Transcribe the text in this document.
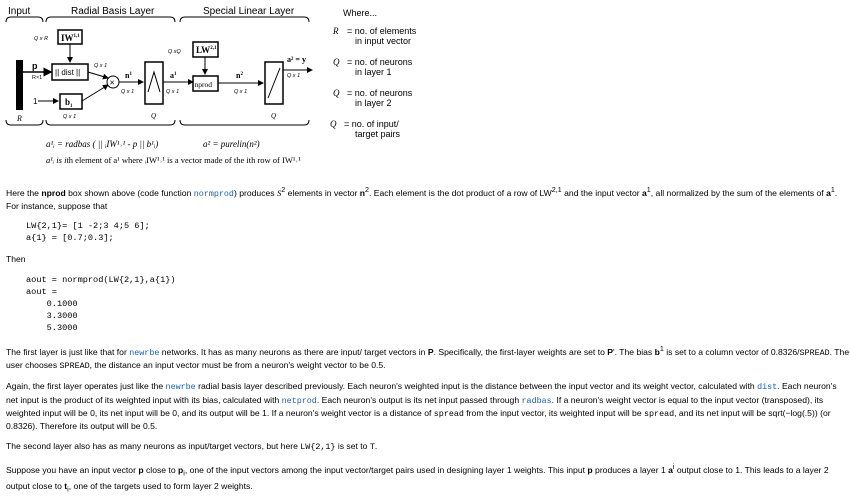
Input	Radial Basis Layer	Special Linear Layer
R
p
R×1
Q x R IW$^{1,1}$
|| dist ||
Q x 1
1	$b_1$
Q x 1
×
$n^1$
Q x 1
Q
$a^1$
Q x 1
Q xQ LW$^{2,1}$
nprod
$n^2$
Q x 1
Q
a² = y
Q x 1
Where...
R = no. of elements
in input vector
Q = no. of neurons
in layer 1
Q = no. of neurons
in layer 2
Q = no. of input/
target pairs
a¹ᵢ = radbas ( || ᵢIW¹˒¹ - p || b¹ᵢ)	a² = purelin(n²)
a¹ᵢ is ith element of a¹ where ᵢIW¹˒¹ is a vector made of the ith row of IW¹˒¹

Here the nprod box shown above (code function normprod) produces $S^2$ elements in vector $n^2$. Each element is the dot product of a row of LW$^{2,1}$ and the input vector $a^1$, all normalized by the sum of the elements of $a^1$. For instance, suppose that

LW{2,1}= [1 -2;3 4;5 6];
a{1} = [0.7;0.3];

Then

aout = normprod(LW{2,1},a{1})
aout =
0.1000
3.3000
5.3000

The first layer is just like that for newrbe networks. It has as many neurons as there are input/ target vectors in P. Specifically, the first-layer weights are set to P'. The bias $b^1$ is set to a column vector of 0.8326/SPREAD. The user chooses SPREAD, the distance an input vector must be from a neuron's weight vector to be 0.5.

Again, the first layer operates just like the newrbe radial basis layer described previously. Each neuron's weighted input is the distance between the input vector and its weight vector, calculated with dist. Each neuron's net input is the product of its weighted input with its bias, calculated with netprod. Each neuron's output is its net input passed through radbas. If a neuron's weight vector is equal to the input vector (transposed), its weighted input will be 0, its net input will be 0, and its output will be 1. If a neuron's weight vector is a distance of spread from the input vector, its weighted input will be spread, and its net input will be sqrt(−log(.5)) (or 0.8326). Therefore its output will be 0.5.

The second layer also has as many neurons as input/target vectors, but here LW{2,1} is set to T.

Suppose you have an input vector p close to $p_i$, one of the input vectors among the input vector/target pairs used in designing layer 1 weights. This input p produces a layer 1 $a^i$ output close to 1. This leads to a layer 2 output close to $t_i$, one of the targets used to form layer 2 weights.
